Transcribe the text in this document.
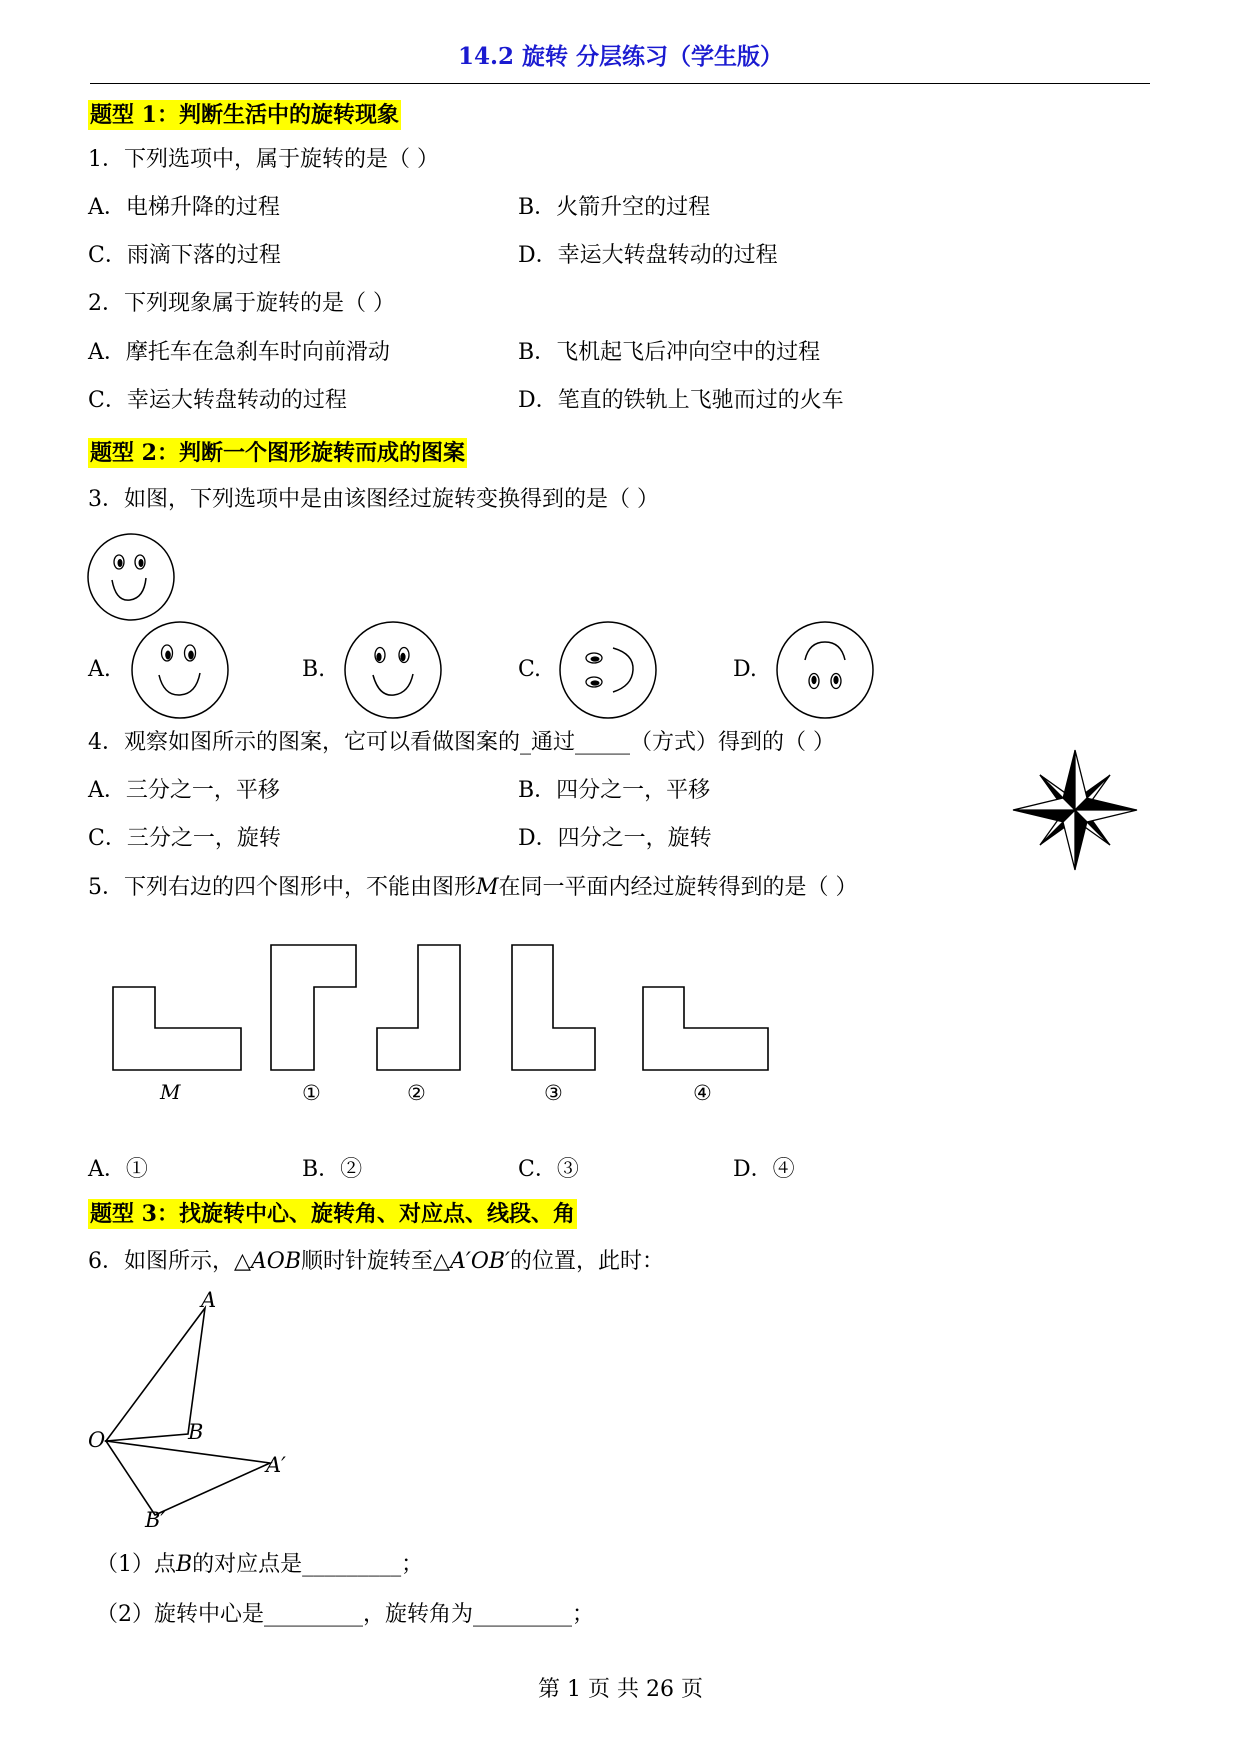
14.2 旋转 分层练习（学生版）
题型 1：判断生活中的旋转现象
1．下列选项中，属于旋转的是（ ）
A．电梯升降的过程	B．火箭升空的过程
C．雨滴下落的过程	D．幸运大转盘转动的过程
2．下列现象属于旋转的是（ ）
A．摩托车在急刹车时向前滑动	B．飞机起飞后冲向空中的过程
C．幸运大转盘转动的过程	D．笔直的铁轨上飞驰而过的火车
题型 2：判断一个图形旋转而成的图案
3．如图，下列选项中是由该图经过旋转变换得到的是（ ）
A.	B.	C.	D.
4．观察如图所示的图案，它可以看做图案的_通过_____（方式）得到的（ ）
A．三分之一，平移	B．四分之一，平移
C．三分之一，旋转	D．四分之一，旋转
5．下列右边的四个图形中，不能由图形M在同一平面内经过旋转得到的是（ ）
M	①	②	③	④
A．①	B．②	C．③	D．④
题型 3：找旋转中心、旋转角、对应点、线段、角
6．如图所示，△AOB顺时针旋转至△A′OB′的位置，此时：
A
B
O
A′
B′
（1）点B的对应点是_________；
（2）旋转中心是_________，旋转角为_________；
第 1 页 共 26 页
